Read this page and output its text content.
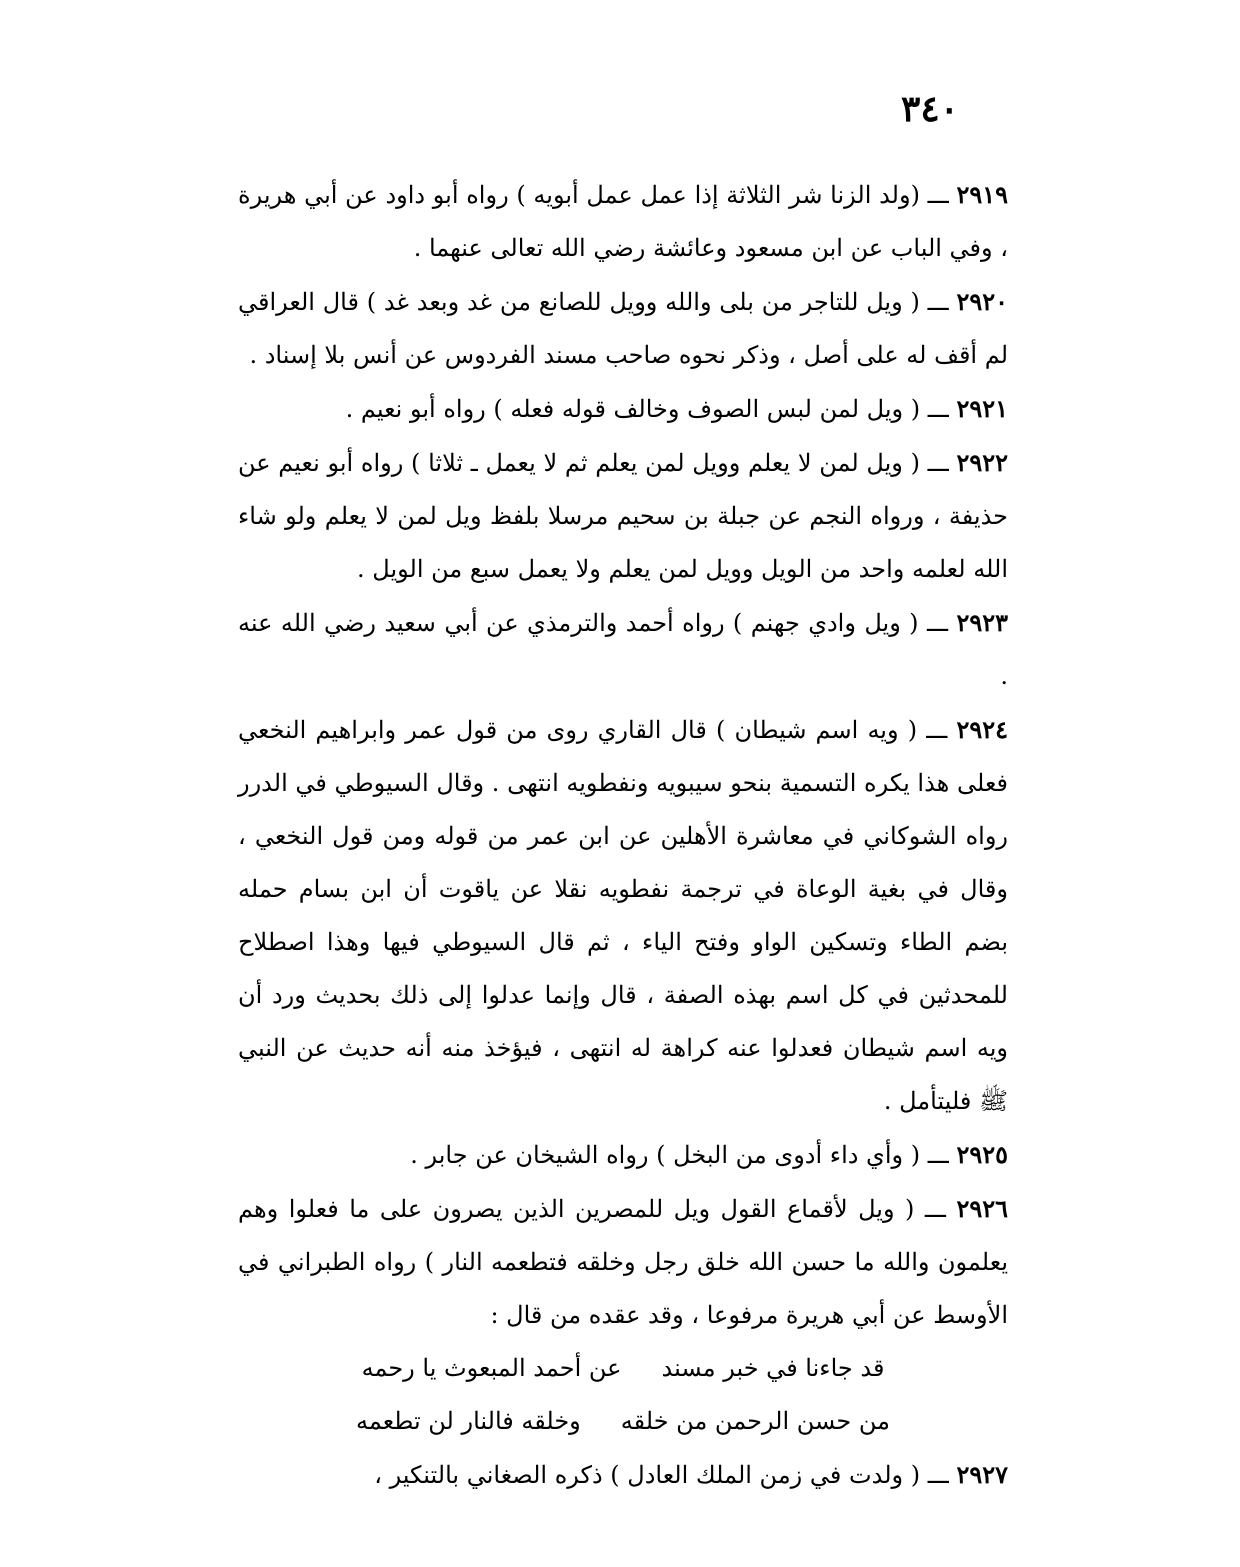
٣٤٠

٢٩١٩ ـــ (ولد الزنا شر الثلاثة إذا عمل عمل أبويه ) رواه أبو داود عن أبي هريرة ، وفي الباب عن ابن مسعود وعائشة رضي الله تعالى عنهما .

٢٩٢٠ ـــ ( ويل للتاجر من بلى والله وويل للصانع من غد وبعد غد ) قال العراقي لم أقف له على أصل ، وذكر نحوه صاحب مسند الفردوس عن أنس بلا إسناد .

٢٩٢١ ـــ ( ويل لمن لبس الصوف وخالف قوله فعله ) رواه أبو نعيم .

٢٩٢٢ ـــ ( ويل لمن لا يعلم وويل لمن يعلم ثم لا يعمل ـ ثلاثا ) رواه أبو نعيم عن حذيفة ، ورواه النجم عن جبلة بن سحيم مرسلا بلفظ ويل لمن لا يعلم ولو شاء الله لعلمه واحد من الويل وويل لمن يعلم ولا يعمل سبع من الويل .

٢٩٢٣ ـــ ( ويل وادي جهنم ) رواه أحمد والترمذي عن أبي سعيد رضي الله عنه .

٢٩٢٤ ـــ ( ويه اسم شيطان ) قال القاري روى من قول عمر وابراهيم النخعي فعلى هذا يكره التسمية بنحو سيبويه ونفطويه انتهى . وقال السيوطي في الدرر رواه الشوكاني في معاشرة الأهلين عن ابن عمر من قوله ومن قول النخعي ، وقال في بغية الوعاة في ترجمة نفطويه نقلا عن ياقوت أن ابن بسام حمله بضم الطاء وتسكين الواو وفتح الياء ، ثم قال السيوطي فيها وهذا اصطلاح للمحدثين في كل اسم بهذه الصفة ، قال وإنما عدلوا إلى ذلك بحديث ورد أن ويه اسم شيطان فعدلوا عنه كراهة له انتهى ، فيؤخذ منه أنه حديث عن النبي ﷺ فليتأمل .

٢٩٢٥ ـــ ( وأي داء أدوى من البخل ) رواه الشيخان عن جابر .

٢٩٢٦ ـــ ( ويل لأقماع القول ويل للمصرين الذين يصرون على ما فعلوا وهم يعلمون والله ما حسن الله خلق رجل وخلقه فتطعمه النار ) رواه الطبراني في الأوسط عن أبي هريرة مرفوعا ، وقد عقده من قال :

قد جاءنا في خبر مسند
عن أحمد المبعوث يا رحمه
من حسن الرحمن من خلقه
وخلقه فالنار لن تطعمه

٢٩٢٧ ـــ ( ولدت في زمن الملك العادل ) ذكره الصغاني بالتنكير ،
